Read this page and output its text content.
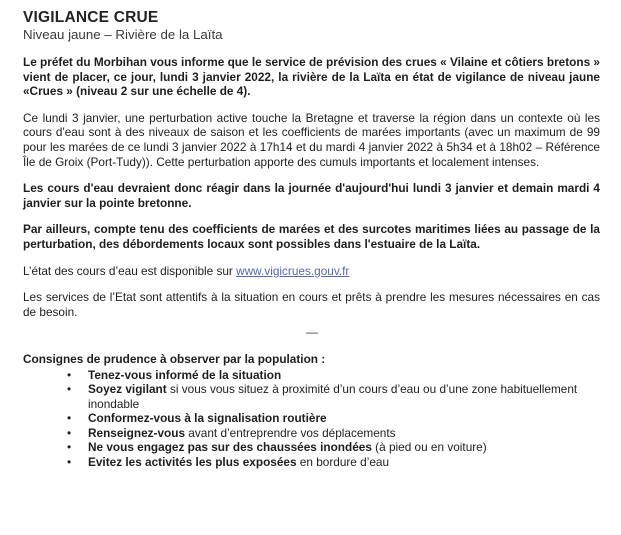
VIGILANCE CRUE
Niveau jaune – Rivière de la Laïta

Le préfet du Morbihan vous informe que le service de prévision des crues « Vilaine et côtiers bretons » vient de placer, ce jour, lundi 3 janvier 2022, la rivière de la Laïta en état de vigilance de niveau jaune «Crues » (niveau 2 sur une échelle de 4).

Ce lundi 3 janvier, une perturbation active touche la Bretagne et traverse la région dans un contexte où les cours d'eau sont à des niveaux de saison et les coefficients de marées importants (avec un maximum de 99 pour les marées de ce lundi 3 janvier 2022 à 17h14 et du mardi 4 janvier 2022 à 5h34 et à 18h02 – Référence Île de Groix (Port-Tudy)). Cette perturbation apporte des cumuls importants et localement intenses.

Les cours d'eau devraient donc réagir dans la journée d'aujourd'hui lundi 3 janvier et demain mardi 4 janvier sur la pointe bretonne.

Par ailleurs, compte tenu des coefficients de marées et des surcotes maritimes liées au passage de la perturbation, des débordements locaux sont possibles dans l'estuaire de la Laïta.

L’état des cours d’eau est disponible sur www.vigicrues.gouv.fr

Les services de l’Etat sont attentifs à la situation en cours et prêts à prendre les mesures nécessaires en cas de besoin.

––
Consignes de prudence à observer par la population :
• Tenez-vous informé de la situation
• Soyez vigilant si vous vous situez à proximité d’un cours d’eau ou d’une zone habituellement inondable
• Conformez-vous à la signalisation routière
• Renseignez-vous avant d’entreprendre vos déplacements
• Ne vous engagez pas sur des chaussées inondées (à pied ou en voiture)
• Evitez les activités les plus exposées en bordure d’eau
